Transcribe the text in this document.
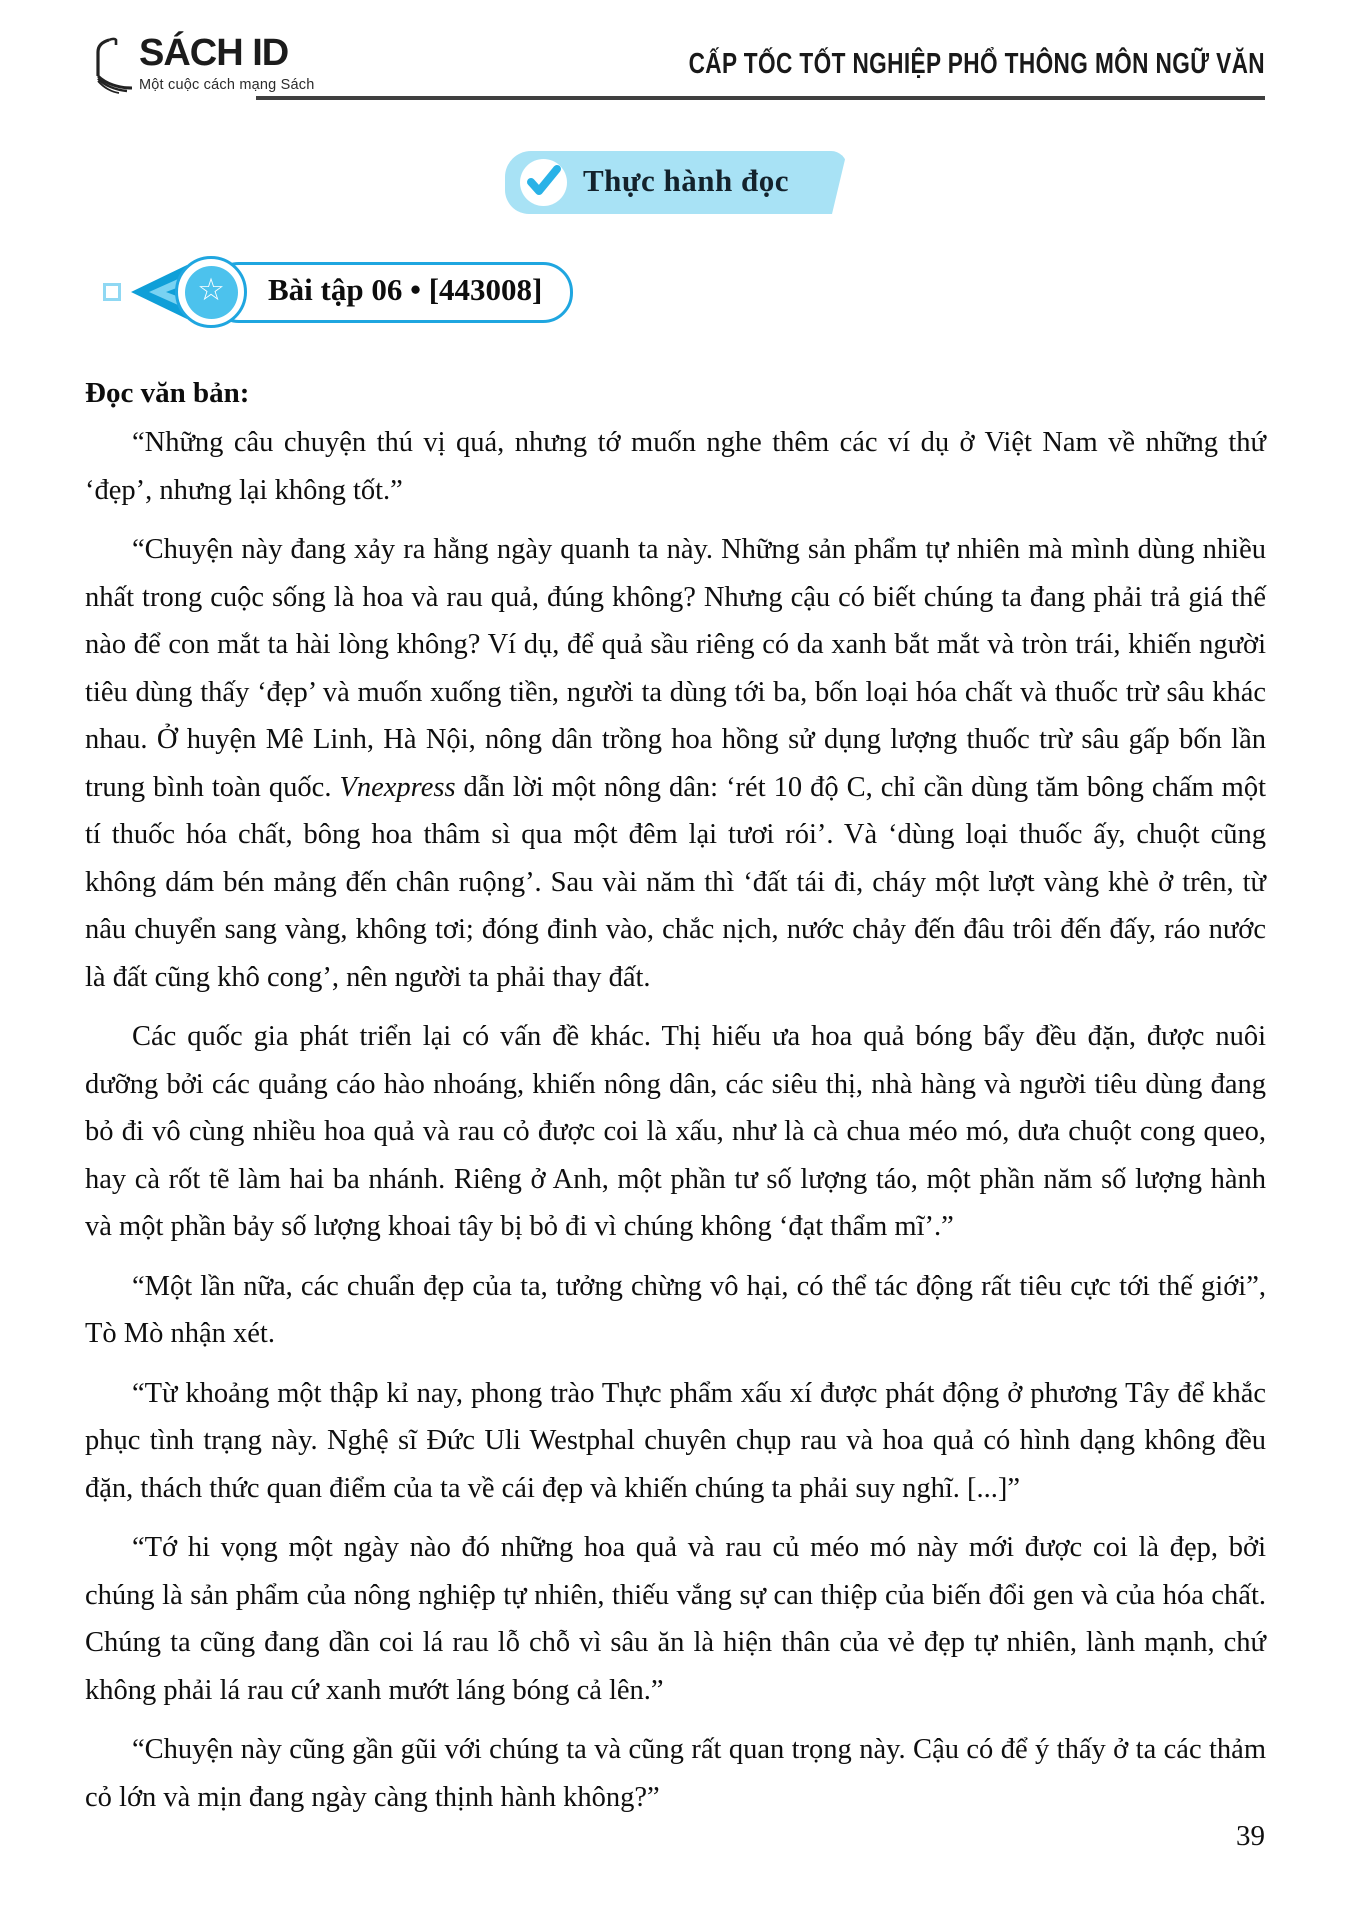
SÁCH ID
Một cuộc cách mạng Sách
CẤP TỐC TỐT NGHIỆP PHỔ THÔNG MÔN NGỮ VĂN
Thực hành đọc
☆	Bài tập 06 • [443008]

Đọc văn bản:

“Những câu chuyện thú vị quá, nhưng tớ muốn nghe thêm các ví dụ ở Việt Nam về những thứ ‘đẹp’, nhưng lại không tốt.”

“Chuyện này đang xảy ra hằng ngày quanh ta này. Những sản phẩm tự nhiên mà mình dùng nhiều nhất trong cuộc sống là hoa và rau quả, đúng không? Nhưng cậu có biết chúng ta đang phải trả giá thế nào để con mắt ta hài lòng không? Ví dụ, để quả sầu riêng có da xanh bắt mắt và tròn trái, khiến người tiêu dùng thấy ‘đẹp’ và muốn xuống tiền, người ta dùng tới ba, bốn loại hóa chất và thuốc trừ sâu khác nhau. Ở huyện Mê Linh, Hà Nội, nông dân trồng hoa hồng sử dụng lượng thuốc trừ sâu gấp bốn lần trung bình toàn quốc. Vnexpress dẫn lời một nông dân: ‘rét 10 độ C, chỉ cần dùng tăm bông chấm một tí thuốc hóa chất, bông hoa thâm sì qua một đêm lại tươi rói’. Và ‘dùng loại thuốc ấy, chuột cũng không dám bén mảng đến chân ruộng’. Sau vài năm thì ‘đất tái đi, cháy một lượt vàng khè ở trên, từ nâu chuyển sang vàng, không tơi; đóng đinh vào, chắc nịch, nước chảy đến đâu trôi đến đấy, ráo nước là đất cũng khô cong’, nên người ta phải thay đất.

Các quốc gia phát triển lại có vấn đề khác. Thị hiếu ưa hoa quả bóng bẩy đều đặn, được nuôi dưỡng bởi các quảng cáo hào nhoáng, khiến nông dân, các siêu thị, nhà hàng và người tiêu dùng đang bỏ đi vô cùng nhiều hoa quả và rau cỏ được coi là xấu, như là cà chua méo mó, dưa chuột cong queo, hay cà rốt tẽ làm hai ba nhánh. Riêng ở Anh, một phần tư số lượng táo, một phần năm số lượng hành và một phần bảy số lượng khoai tây bị bỏ đi vì chúng không ‘đạt thẩm mĩ’.”

“Một lần nữa, các chuẩn đẹp của ta, tưởng chừng vô hại, có thể tác động rất tiêu cực tới thế giới”, Tò Mò nhận xét.

“Từ khoảng một thập kỉ nay, phong trào Thực phẩm xấu xí được phát động ở phương Tây để khắc phục tình trạng này. Nghệ sĩ Đức Uli Westphal chuyên chụp rau và hoa quả có hình dạng không đều đặn, thách thức quan điểm của ta về cái đẹp và khiến chúng ta phải suy nghĩ. [...]”

“Tớ hi vọng một ngày nào đó những hoa quả và rau củ méo mó này mới được coi là đẹp, bởi chúng là sản phẩm của nông nghiệp tự nhiên, thiếu vắng sự can thiệp của biến đổi gen và của hóa chất. Chúng ta cũng đang dần coi lá rau lỗ chỗ vì sâu ăn là hiện thân của vẻ đẹp tự nhiên, lành mạnh, chứ không phải lá rau cứ xanh mướt láng bóng cả lên.”

“Chuyện này cũng gần gũi với chúng ta và cũng rất quan trọng này. Cậu có để ý thấy ở ta các thảm cỏ lớn và mịn đang ngày càng thịnh hành không?”

39
